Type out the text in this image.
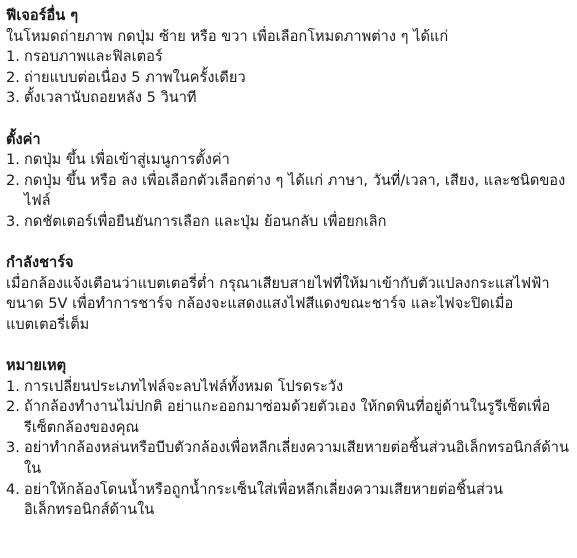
ฟีเจอร์อื่น ๆ
ในโหมดถ่ายภาพ กดปุ่ม ซ้าย หรือ ขวา เพื่อเลือกโหมดภาพต่าง ๆ ได้แก่
1. กรอบภาพและฟิลเตอร์
2. ถ่ายแบบต่อเนื่อง 5 ภาพในครั้งเดียว
3. ตั้งเวลานับถอยหลัง 5 วินาที
ตั้งค่า
1. กดปุ่ม ขึ้น เพื่อเข้าสู่เมนูการตั้งค่า
2. กดปุ่ม ขึ้น หรือ ลง เพื่อเลือกตัวเลือกต่าง ๆ ได้แก่ ภาษา, วันที่/เวลา, เสียง, และชนิดของไฟล์
3. กดชัตเตอร์เพื่อยืนยันการเลือก และปุ่ม ย้อนกลับ เพื่อยกเลิก
กำลังชาร์จ
เมื่อกล้องแจ้งเตือนว่าแบตเตอรี่ต่ำ กรุณาเสียบสายไฟที่ให้มาเข้ากับตัวแปลงกระแสไฟฟ้าขนาด 5V เพื่อทำการชาร์จ กล้องจะแสดงแสงไฟสีแดงขณะชาร์จ และไฟจะปิดเมื่อแบตเตอรี่เต็ม
หมายเหตุ
1. การเปลี่ยนประเภทไฟล์จะลบไฟล์ทั้งหมด โปรดระวัง
2. ถ้ากล้องทำงานไม่ปกติ อย่าแกะออกมาซ่อมด้วยตัวเอง ให้กดพินที่อยู่ด้านในรูรีเซ็ตเพื่อรีเซ็ตกล้องของคุณ
3. อย่าทำกล้องหล่นหรือบีบตัวกล้องเพื่อหลีกเลี่ยงความเสียหายต่อชิ้นส่วนอิเล็กทรอนิกส์ด้านใน
4. อย่าให้กล้องโดนน้ำหรือถูกน้ำกระเซ็นใส่เพื่อหลีกเลี่ยงความเสียหายต่อชิ้นส่วนอิเล็กทรอนิกส์ด้านใน
